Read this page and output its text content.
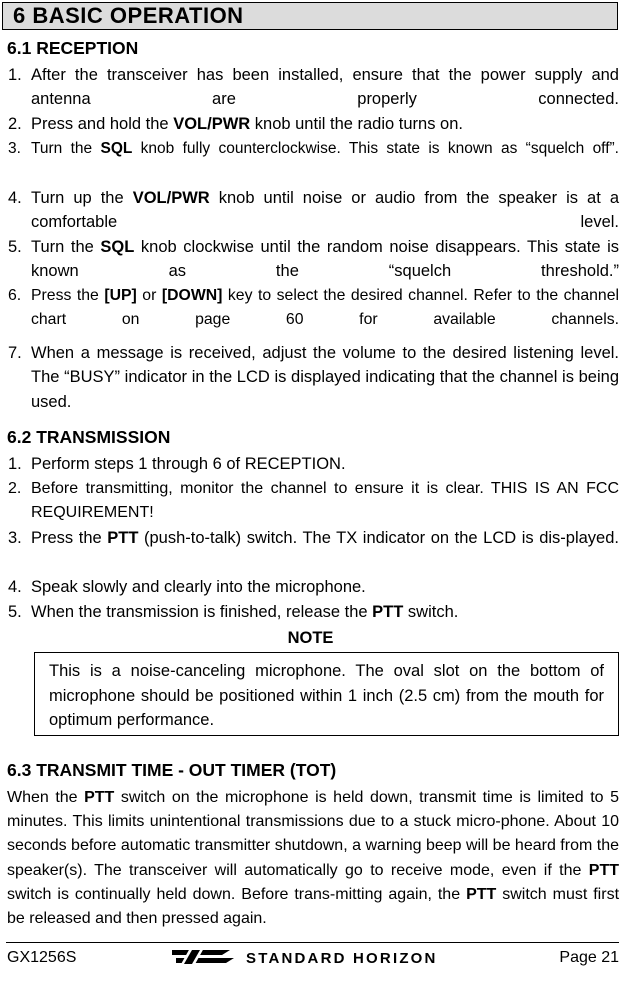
6 BASIC OPERATION
6.1 RECEPTION
1. After the transceiver has been installed, ensure that the power supply and antenna are properly connected.
2. Press and hold the VOL/PWR knob until the radio turns on.
3. Turn the SQL knob fully counterclockwise. This state is known as “squelch off”.
4. Turn up the VOL/PWR knob until noise or audio from the speaker is at a comfortable level.
5. Turn the SQL knob clockwise until the random noise disappears. This state is known as the “squelch threshold.”
6. Press the [UP] or [DOWN] key to select the desired channel. Refer to the channel chart on page 60 for available channels.
7. When a message is received, adjust the volume to the desired listening level. The “BUSY” indicator in the LCD is displayed indicating that the channel is being used.
6.2 TRANSMISSION
1. Perform steps 1 through 6 of RECEPTION.
2. Before transmitting, monitor the channel to ensure it is clear. THIS IS AN FCC REQUIREMENT!
3. Press the PTT (push-to-talk) switch. The TX indicator on the LCD is dis-played.
4. Speak slowly and clearly into the microphone.
5. When the transmission is finished, release the PTT switch.
NOTE
This is a noise-canceling microphone. The oval slot on the bottom of microphone should be positioned within 1 inch (2.5 cm) from the mouth for optimum performance.
6.3 TRANSMIT TIME - OUT TIMER (TOT)
When the PTT switch on the microphone is held down, transmit time is limited to 5 minutes. This limits unintentional transmissions due to a stuck micro-phone. About 10 seconds before automatic transmitter shutdown, a warning beep will be heard from the speaker(s). The transceiver will automatically go to receive mode, even if the PTT switch is continually held down. Before trans-mitting again, the PTT switch must first be released and then pressed again.
GX1256S	STANDARD HORIZON	Page 21
